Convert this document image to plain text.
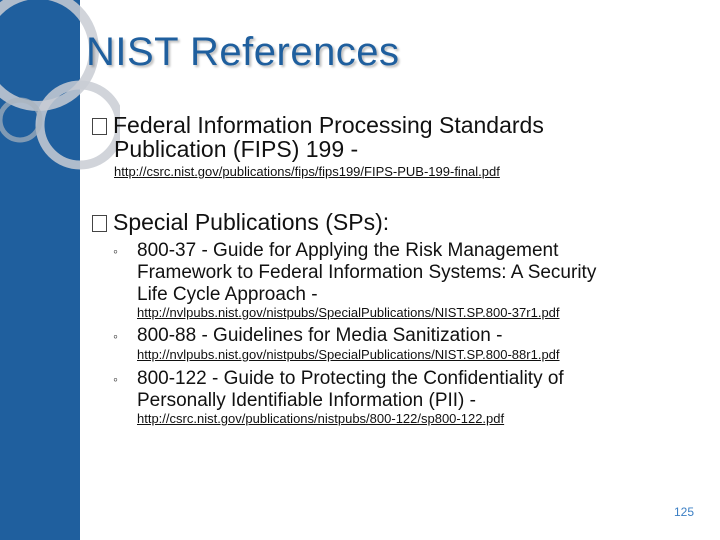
NIST References
Federal Information Processing Standards
Publication (FIPS) 199 -
http://csrc.nist.gov/publications/fips/fips199/FIPS-PUB-199-final.pdf
Special Publications (SPs):
◦ 800-37 - Guide for Applying the Risk Management
Framework to Federal Information Systems: A Security
Life Cycle Approach -
http://nvlpubs.nist.gov/nistpubs/SpecialPublications/NIST.SP.800-37r1.pdf
◦ 800-88 - Guidelines for Media Sanitization -
http://nvlpubs.nist.gov/nistpubs/SpecialPublications/NIST.SP.800-88r1.pdf
◦ 800-122 - Guide to Protecting the Confidentiality of
Personally Identifiable Information (PII) -
http://csrc.nist.gov/publications/nistpubs/800-122/sp800-122.pdf
125
